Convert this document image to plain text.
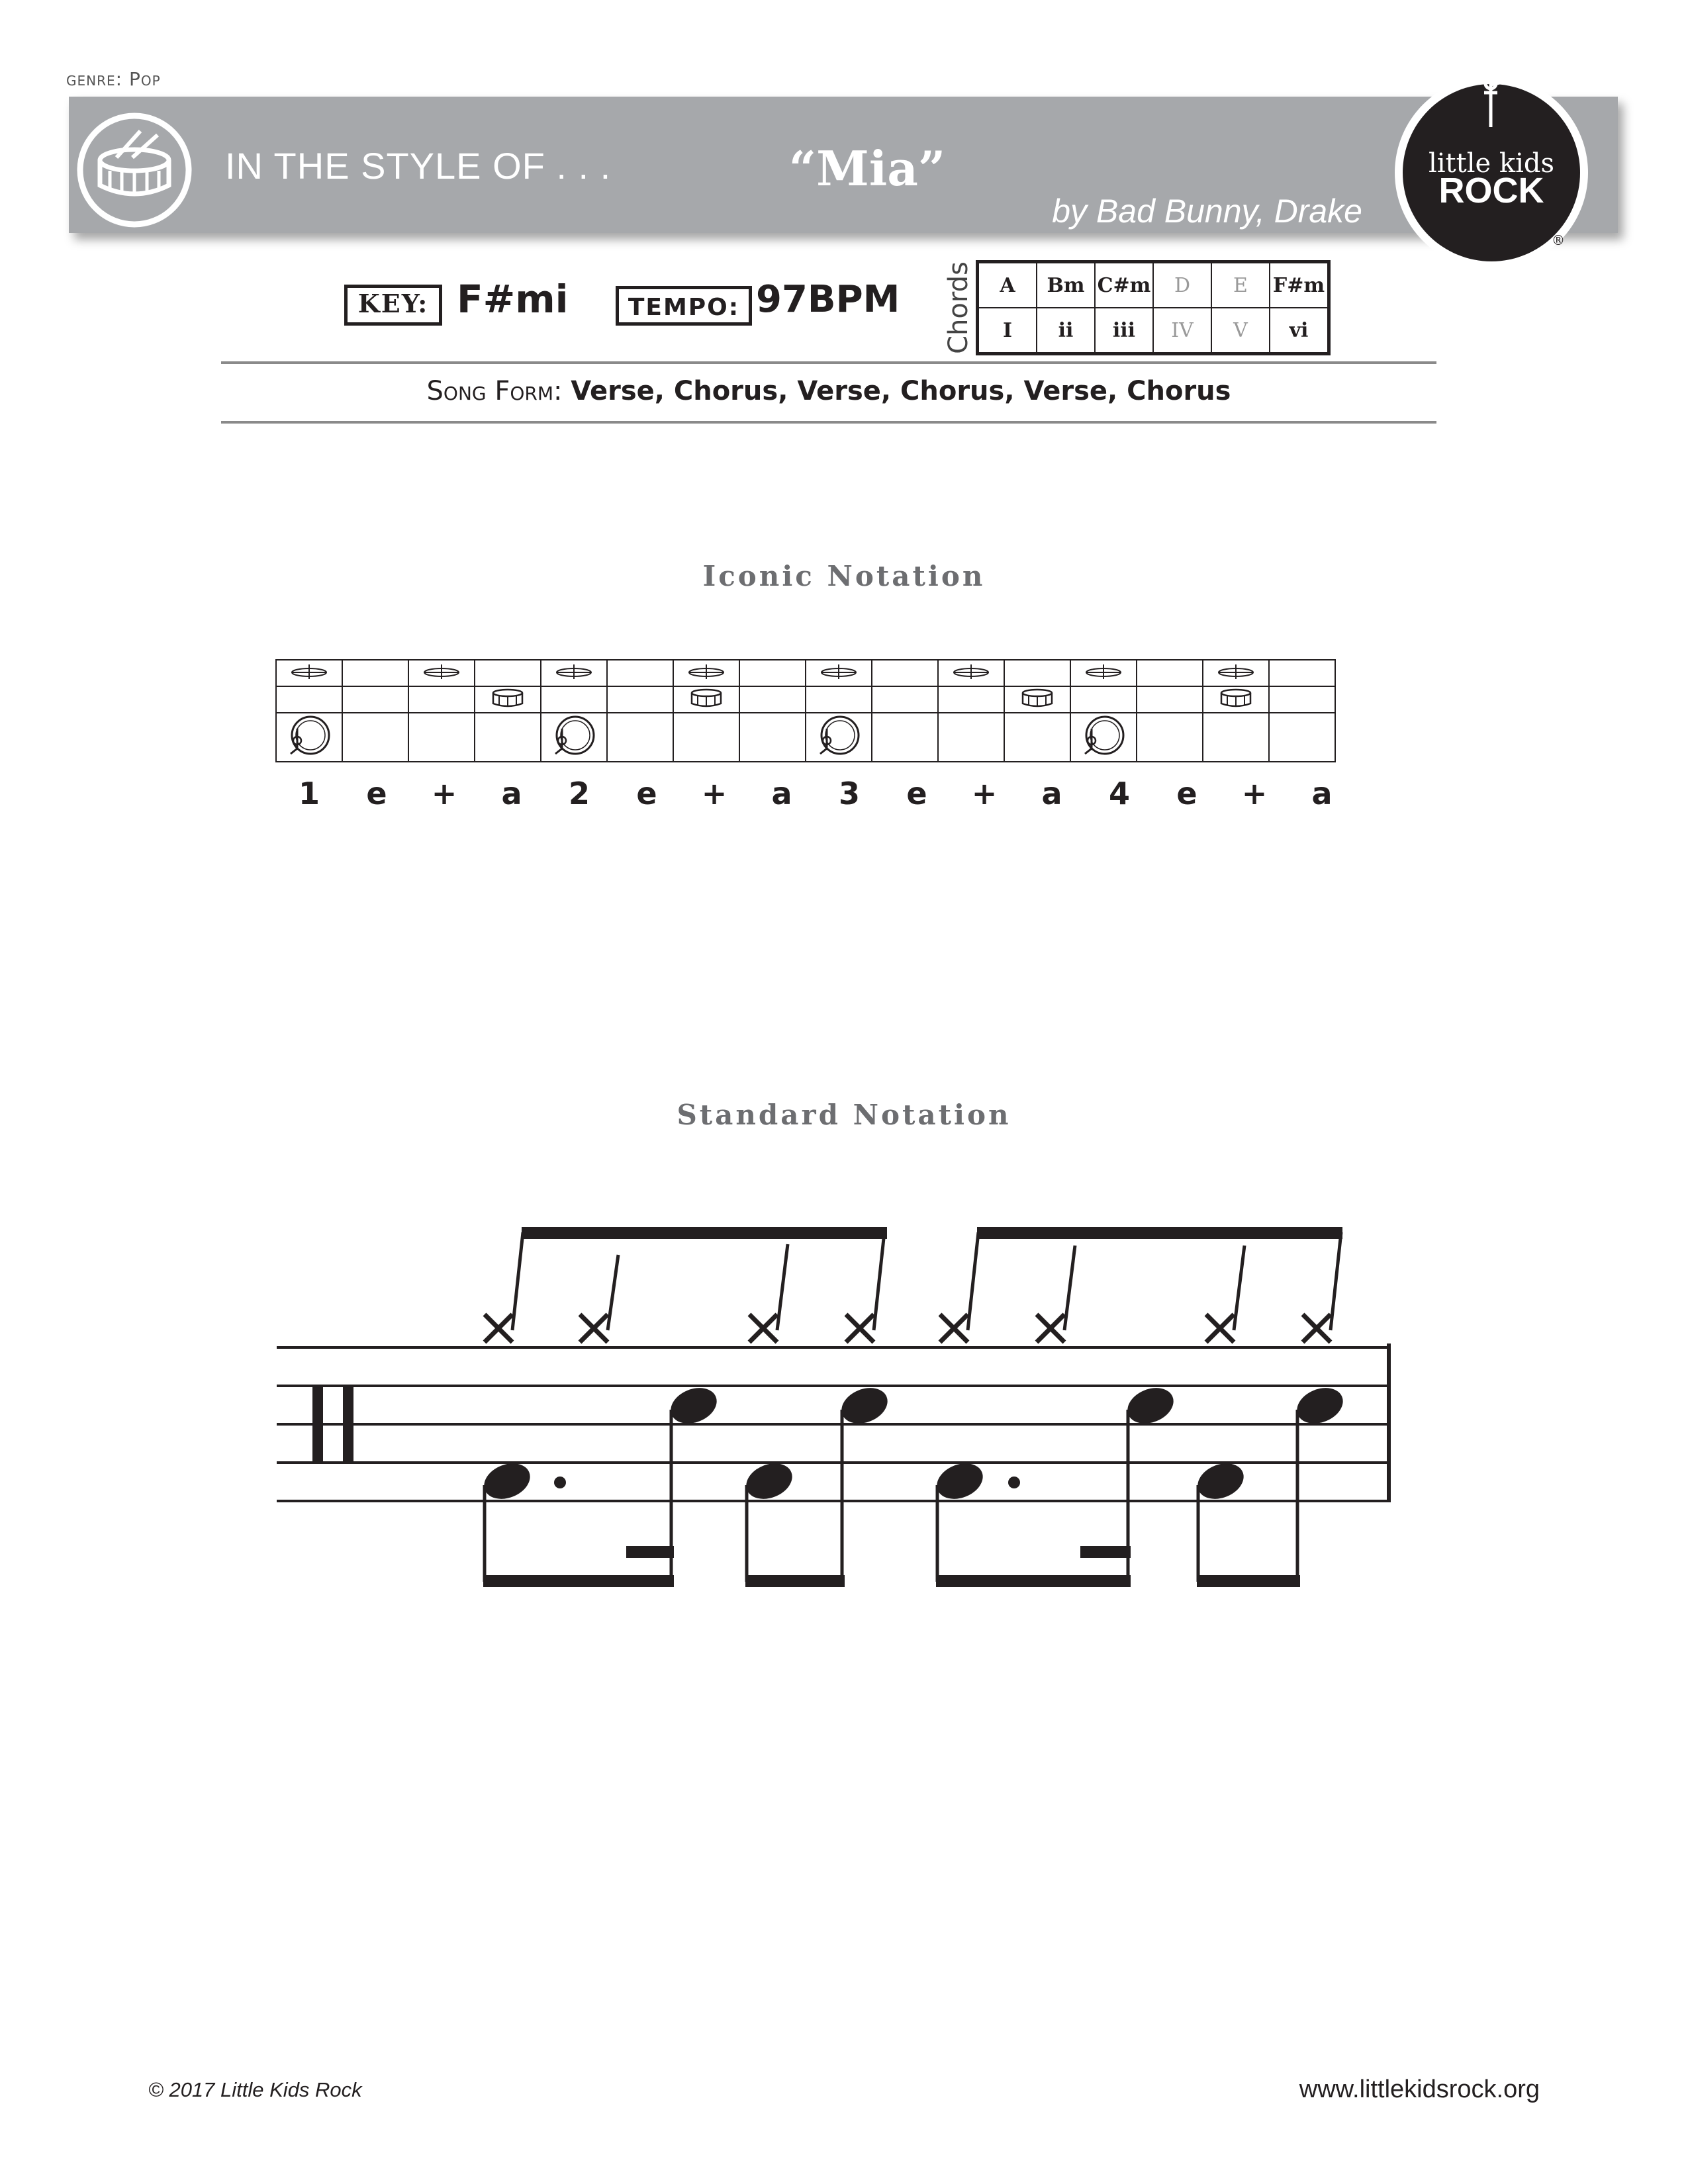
genre: Pop
IN THE STYLE OF . . .	“Mia”
by Bad Bunny, Drake
little kids
ROCK
®
KEY: F#mi	TEMPO: 97BPM Chords A	Bm	C#m	D	E	F#m
I	ii	iii	IV	V	vi
Song Form: Verse, Chorus, Verse, Chorus, Verse, Chorus
Iconic Notation

1	e	+	a	2	e	+	a	3	e	+	a	4	e	+	a
Standard Notation
© 2017 Little Kids Rock	www.littlekidsrock.org
